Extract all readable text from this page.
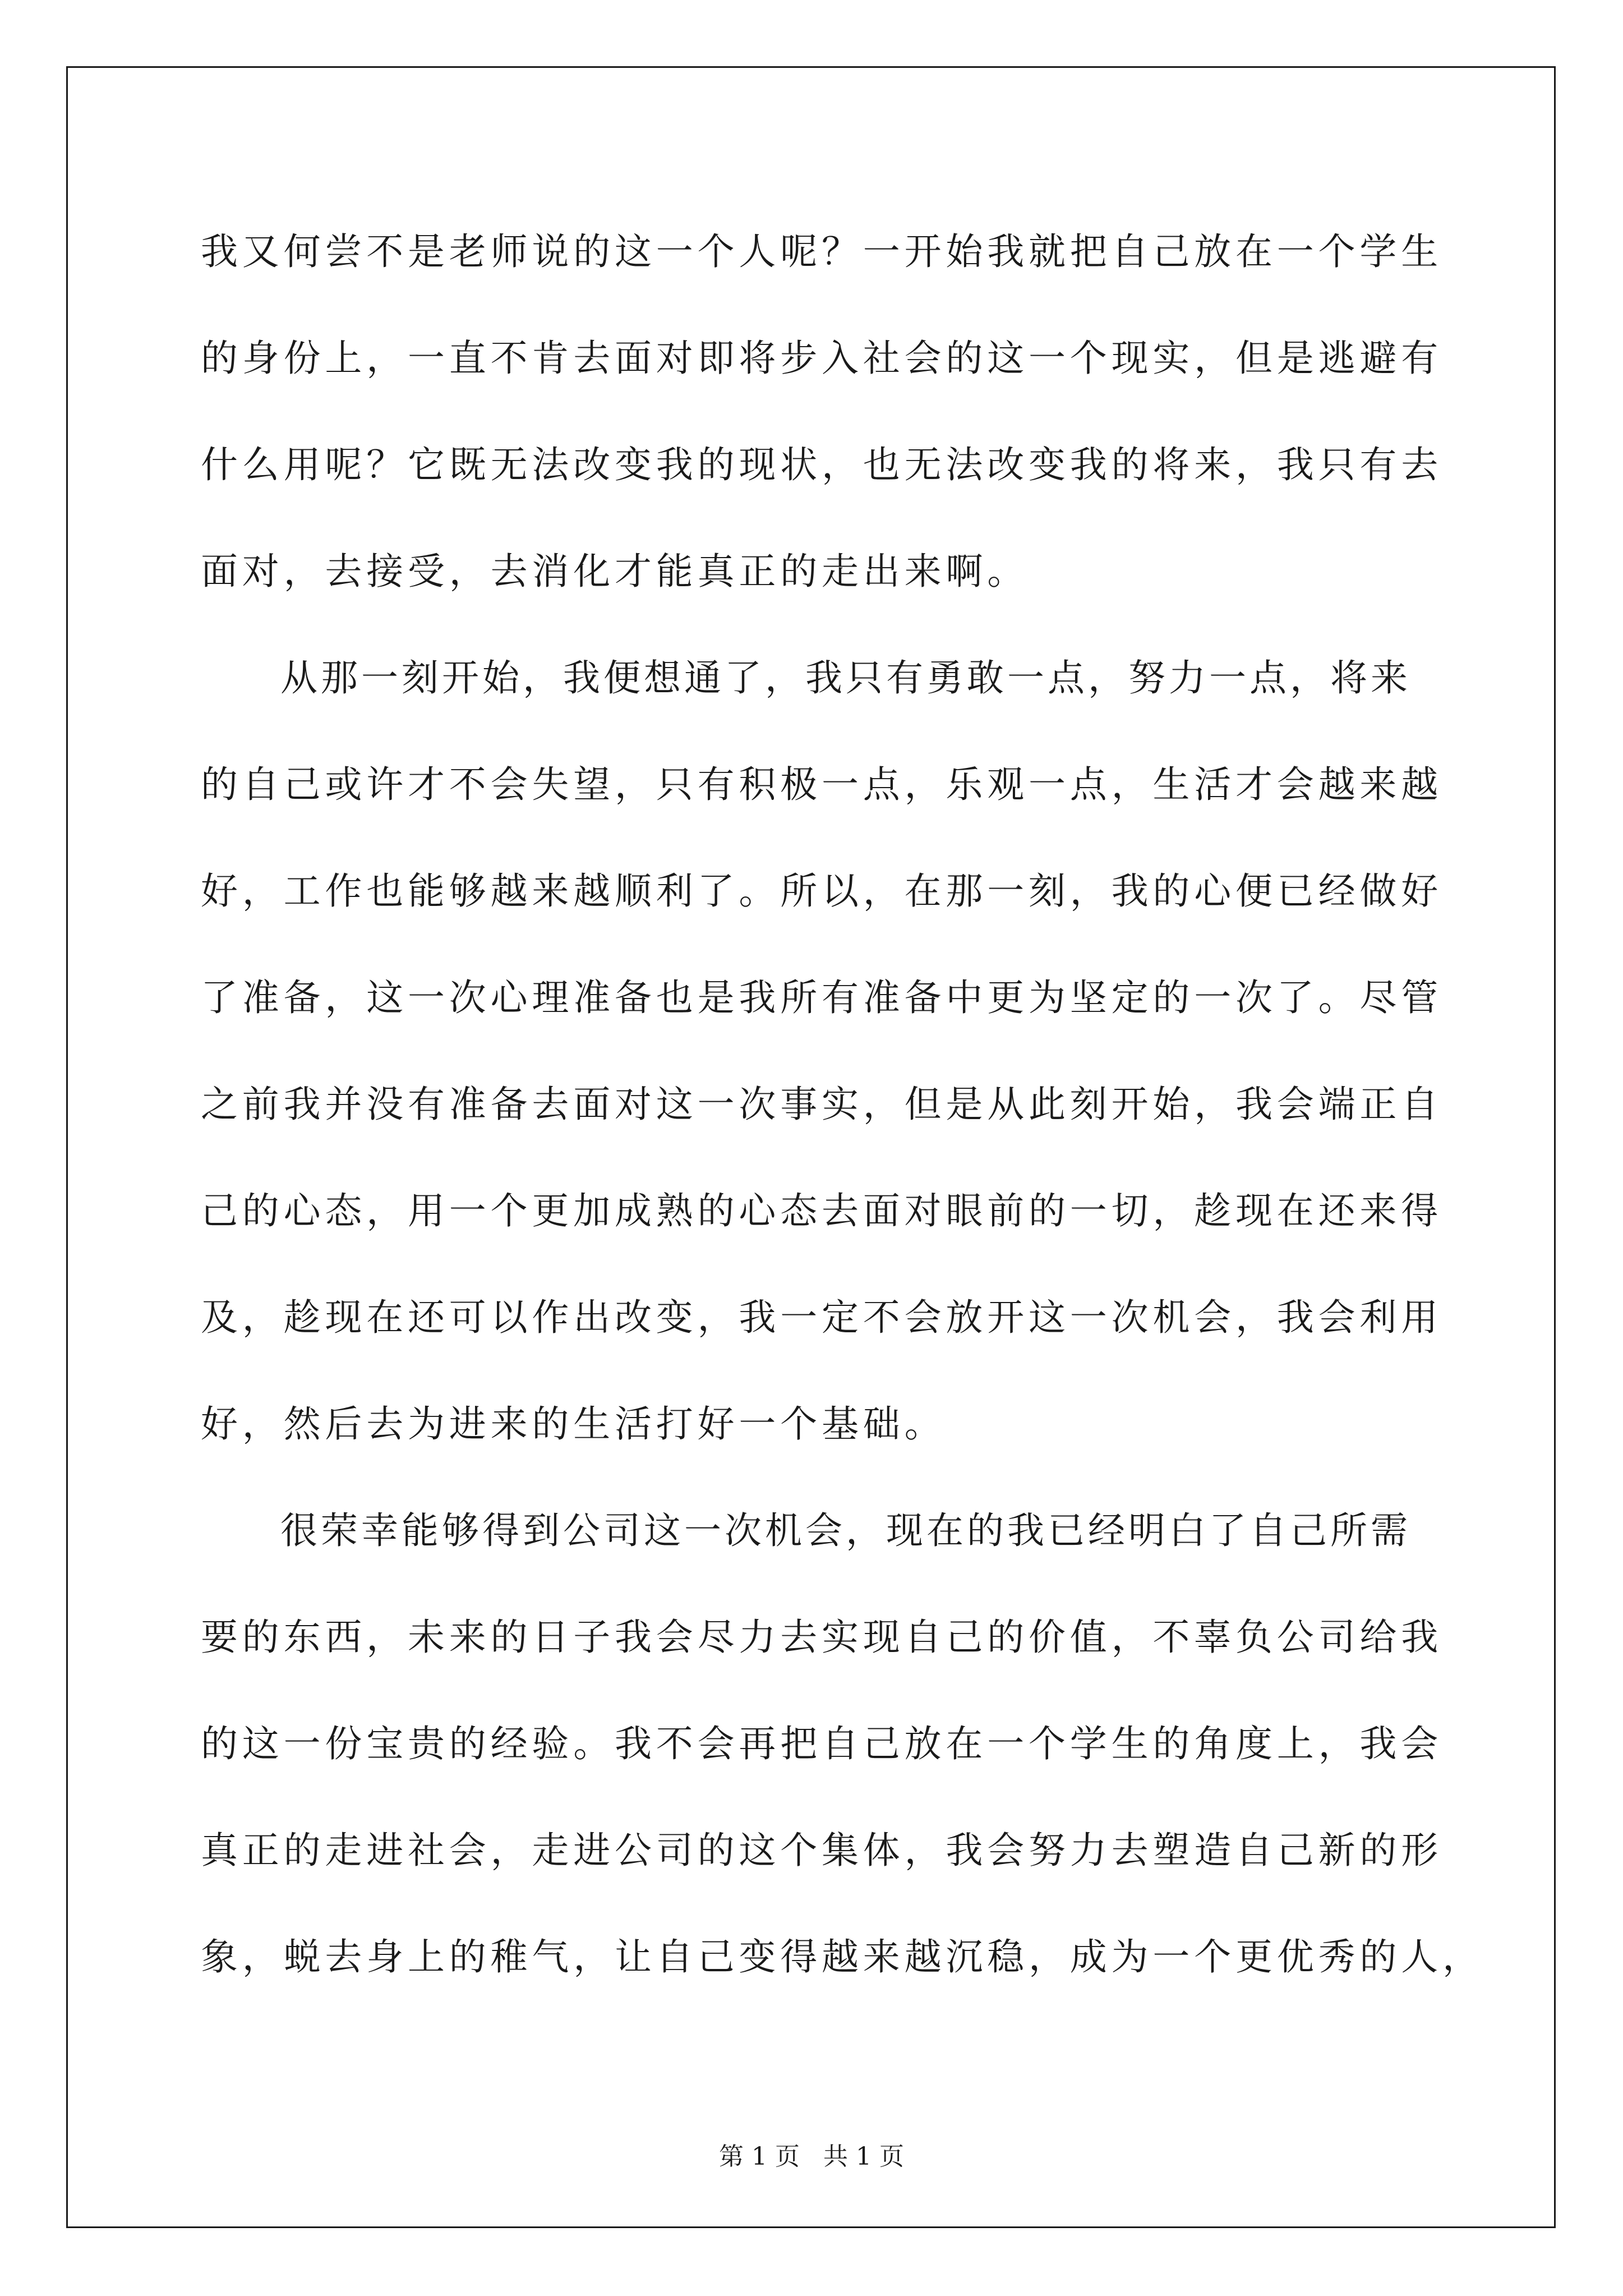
我又何尝不是老师说的这一个人呢？一开始我就把自己放在一个学生
的身份上，一直不肯去面对即将步入社会的这一个现实，但是逃避有
什么用呢？它既无法改变我的现状，也无法改变我的将来，我只有去
面对，去接受，去消化才能真正的走出来啊。
从那一刻开始，我便想通了，我只有勇敢一点，努力一点，将来
的自己或许才不会失望，只有积极一点，乐观一点，生活才会越来越
好，工作也能够越来越顺利了。所以，在那一刻，我的心便已经做好
了准备，这一次心理准备也是我所有准备中更为坚定的一次了。尽管
之前我并没有准备去面对这一次事实，但是从此刻开始，我会端正自
己的心态，用一个更加成熟的心态去面对眼前的一切，趁现在还来得
及，趁现在还可以作出改变，我一定不会放开这一次机会，我会利用
好，然后去为进来的生活打好一个基础。
很荣幸能够得到公司这一次机会，现在的我已经明白了自己所需
要的东西，未来的日子我会尽力去实现自己的价值，不辜负公司给我
的这一份宝贵的经验。我不会再把自己放在一个学生的角度上，我会
真正的走进社会，走进公司的这个集体，我会努力去塑造自己新的形
象，蜕去身上的稚气，让自己变得越来越沉稳，成为一个更优秀的人，
第 1 页 共 1 页
